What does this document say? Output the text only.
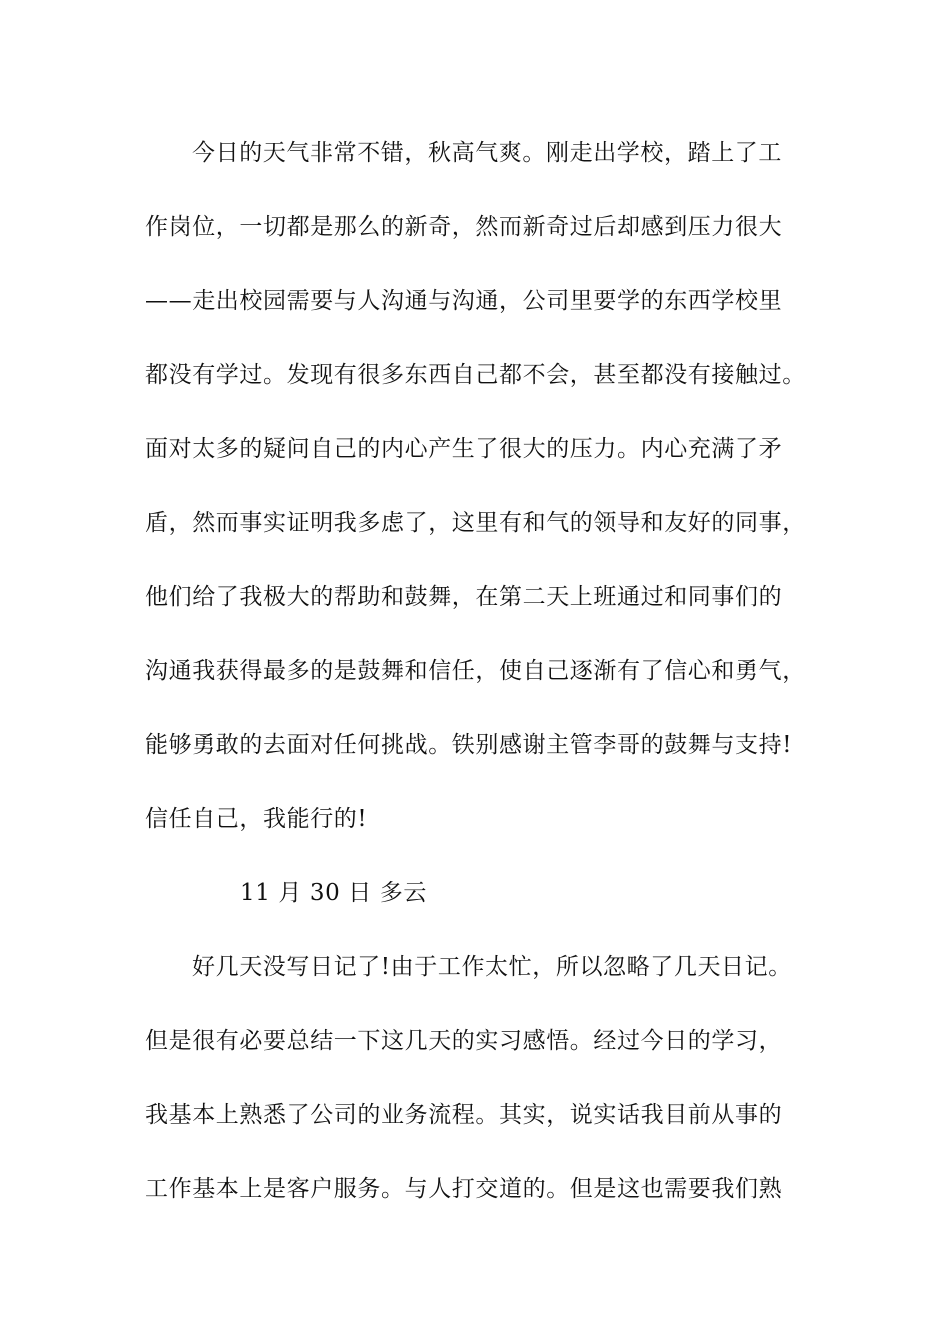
今日的天气非常不错，秋高气爽。刚走出学校，踏上了工
作岗位，一切都是那么的新奇，然而新奇过后却感到压力很大
——走出校园需要与人沟通与沟通，公司里要学的东西学校里
都没有学过。发现有很多东西自己都不会，甚至都没有接触过。
面对太多的疑问自己的内心产生了很大的压力。内心充满了矛
盾，然而事实证明我多虑了，这里有和气的领导和友好的同事，
他们给了我极大的帮助和鼓舞，在第二天上班通过和同事们的
沟通我获得最多的是鼓舞和信任，使自己逐渐有了信心和勇气，
能够勇敢的去面对任何挑战。铁别感谢主管李哥的鼓舞与支持!
信任自己，我能行的!
11 月 30 日 多云
好几天没写日记了!由于工作太忙，所以忽略了几天日记。
但是很有必要总结一下这几天的实习感悟。经过今日的学习，
我基本上熟悉了公司的业务流程。其实，说实话我目前从事的
工作基本上是客户服务。与人打交道的。但是这也需要我们熟
